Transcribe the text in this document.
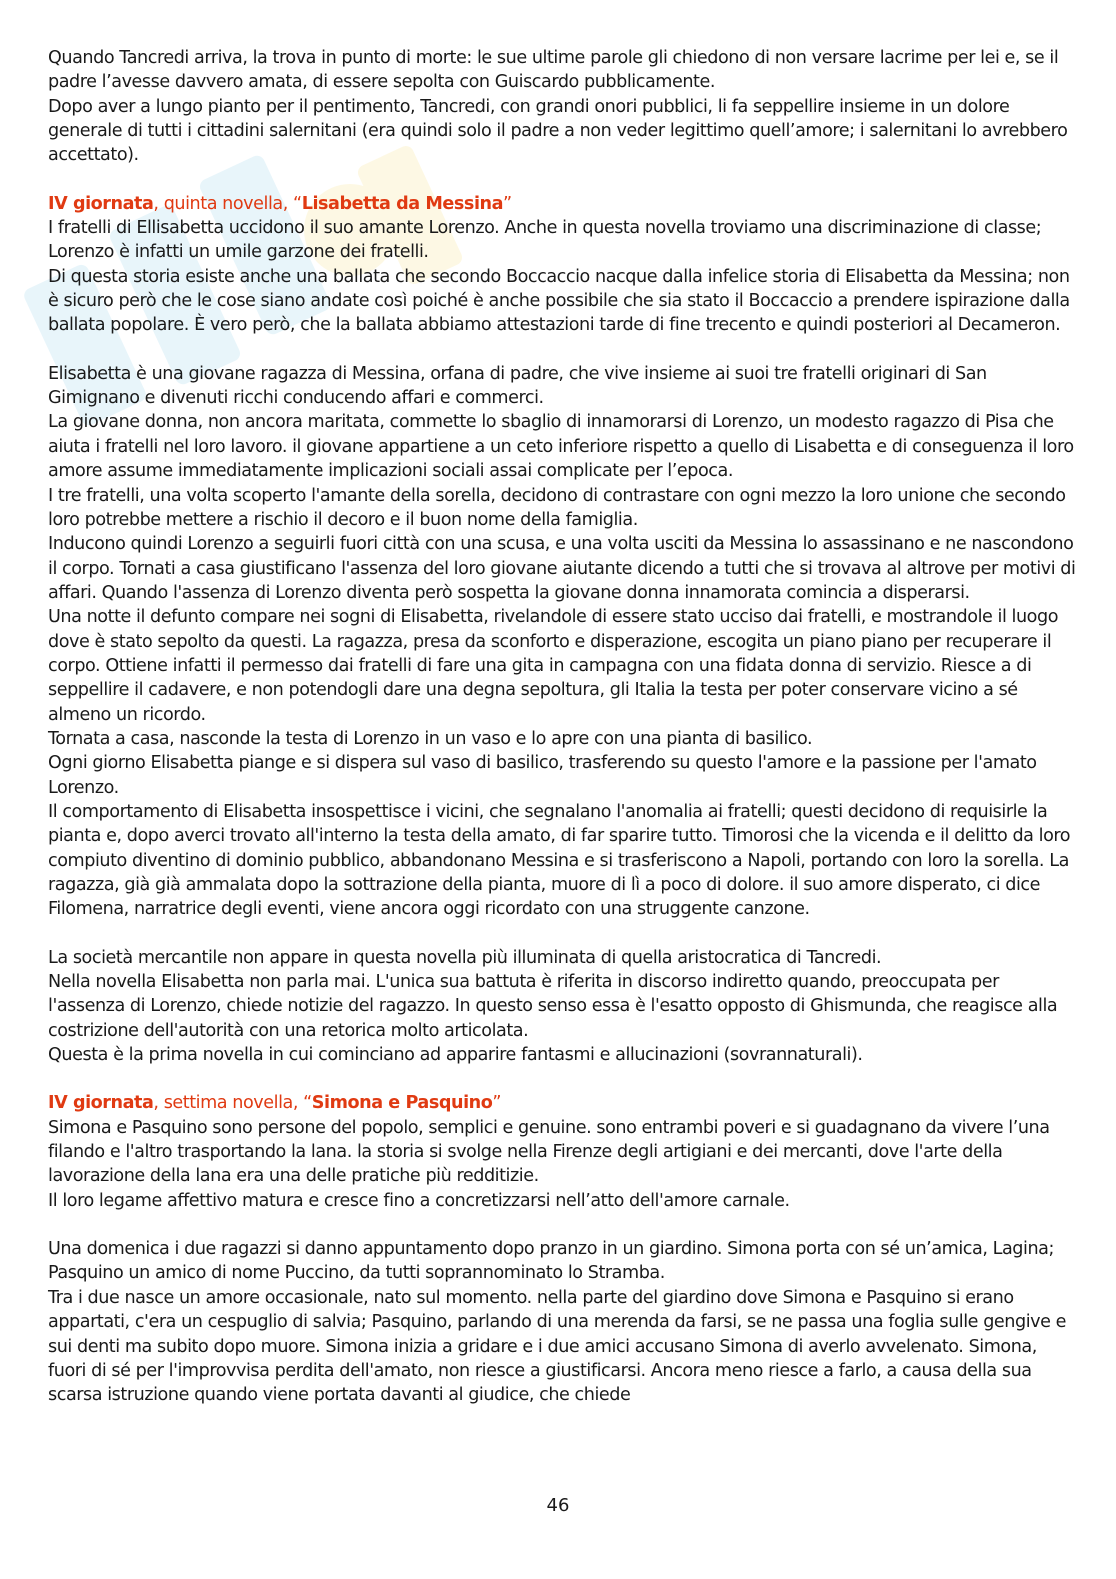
Quando Tancredi arriva, la trova in punto di morte: le sue ultime parole gli chiedono di non versare lacrime per lei e, se il padre l’avesse davvero amata, di essere sepolta con Guiscardo pubblicamente.

Dopo aver a lungo pianto per il pentimento, Tancredi, con grandi onori pubblici, li fa seppellire insieme in un dolore generale di tutti i cittadini salernitani (era quindi solo il padre a non veder legittimo quell’amore; i salernitani lo avrebbero accettato).

IV giornata, quinta novella, “Lisabetta da Messina”

I fratelli di Ellisabetta uccidono il suo amante Lorenzo. Anche in questa novella troviamo una discriminazione di classe; Lorenzo è infatti un umile garzone dei fratelli.

Di questa storia esiste anche una ballata che secondo Boccaccio nacque dalla infelice storia di Elisabetta da Messina; non è sicuro però che le cose siano andate così poiché è anche possibile che sia stato il Boccaccio a prendere ispirazione dalla ballata popolare. È vero però, che la ballata abbiamo attestazioni tarde di fine trecento e quindi posteriori al Decameron.

Elisabetta è una giovane ragazza di Messina, orfana di padre, che vive insieme ai suoi tre fratelli originari di San Gimignano e divenuti ricchi conducendo affari e commerci.

La giovane donna, non ancora maritata, commette lo sbaglio di innamorarsi di Lorenzo, un modesto ragazzo di Pisa che aiuta i fratelli nel loro lavoro. il giovane appartiene a un ceto inferiore rispetto a quello di Lisabetta e di conseguenza il loro amore assume immediatamente implicazioni sociali assai complicate per l’epoca.

I tre fratelli, una volta scoperto l'amante della sorella, decidono di contrastare con ogni mezzo la loro unione che secondo loro potrebbe mettere a rischio il decoro e il buon nome della famiglia.

Inducono quindi Lorenzo a seguirli fuori città con una scusa, e una volta usciti da Messina lo assassinano e ne nascondono il corpo. Tornati a casa giustificano l'assenza del loro giovane aiutante dicendo a tutti che si trovava al altrove per motivi di affari. Quando l'assenza di Lorenzo diventa però sospetta la giovane donna innamorata comincia a disperarsi.

Una notte il defunto compare nei sogni di Elisabetta, rivelandole di essere stato ucciso dai fratelli, e mostrandole il luogo dove è stato sepolto da questi. La ragazza, presa da sconforto e disperazione, escogita un piano piano per recuperare il corpo. Ottiene infatti il permesso dai fratelli di fare una gita in campagna con una fidata donna di servizio. Riesce a di seppellire il cadavere, e non potendogli dare una degna sepoltura, gli Italia la testa per poter conservare vicino a sé almeno un ricordo.

Tornata a casa, nasconde la testa di Lorenzo in un vaso e lo apre con una pianta di basilico.

Ogni giorno Elisabetta piange e si dispera sul vaso di basilico, trasferendo su questo l'amore e la passione per l'amato Lorenzo.

Il comportamento di Elisabetta insospettisce i vicini, che segnalano l'anomalia ai fratelli; questi decidono di requisirle la pianta e, dopo averci trovato all'interno la testa della amato, di far sparire tutto. Timorosi che la vicenda e il delitto da loro compiuto diventino di dominio pubblico, abbandonano Messina e si trasferiscono a Napoli, portando con loro la sorella. La ragazza, già già ammalata dopo la sottrazione della pianta, muore di lì a poco di dolore. il suo amore disperato, ci dice Filomena, narratrice degli eventi, viene ancora oggi ricordato con una struggente canzone.

La società mercantile non appare in questa novella più illuminata di quella aristocratica di Tancredi.

Nella novella Elisabetta non parla mai. L'unica sua battuta è riferita in discorso indiretto quando, preoccupata per l'assenza di Lorenzo, chiede notizie del ragazzo. In questo senso essa è l'esatto opposto di Ghismunda, che reagisce alla costrizione dell'autorità con una retorica molto articolata.

Questa è la prima novella in cui cominciano ad apparire fantasmi e allucinazioni (sovrannaturali).

IV giornata, settima novella, “Simona e Pasquino”

Simona e Pasquino sono persone del popolo, semplici e genuine. sono entrambi poveri e si guadagnano da vivere l’una filando e l'altro trasportando la lana. la storia si svolge nella Firenze degli artigiani e dei mercanti, dove l'arte della lavorazione della lana era una delle pratiche più redditizie.

Il loro legame affettivo matura e cresce fino a concretizzarsi nell’atto dell'amore carnale.

Una domenica i due ragazzi si danno appuntamento dopo pranzo in un giardino. Simona porta con sé un’amica, Lagina; Pasquino un amico di nome Puccino, da tutti soprannominato lo Stramba.

Tra i due nasce un amore occasionale, nato sul momento. nella parte del giardino dove Simona e Pasquino si erano appartati, c'era un cespuglio di salvia; Pasquino, parlando di una merenda da farsi, se ne passa una foglia sulle gengive e sui denti ma subito dopo muore. Simona inizia a gridare e i due amici accusano Simona di averlo avvelenato. Simona, fuori di sé per l'improvvisa perdita dell'amato, non riesce a giustificarsi. Ancora meno riesce a farlo, a causa della sua scarsa istruzione quando viene portata davanti al giudice, che chiede

46
